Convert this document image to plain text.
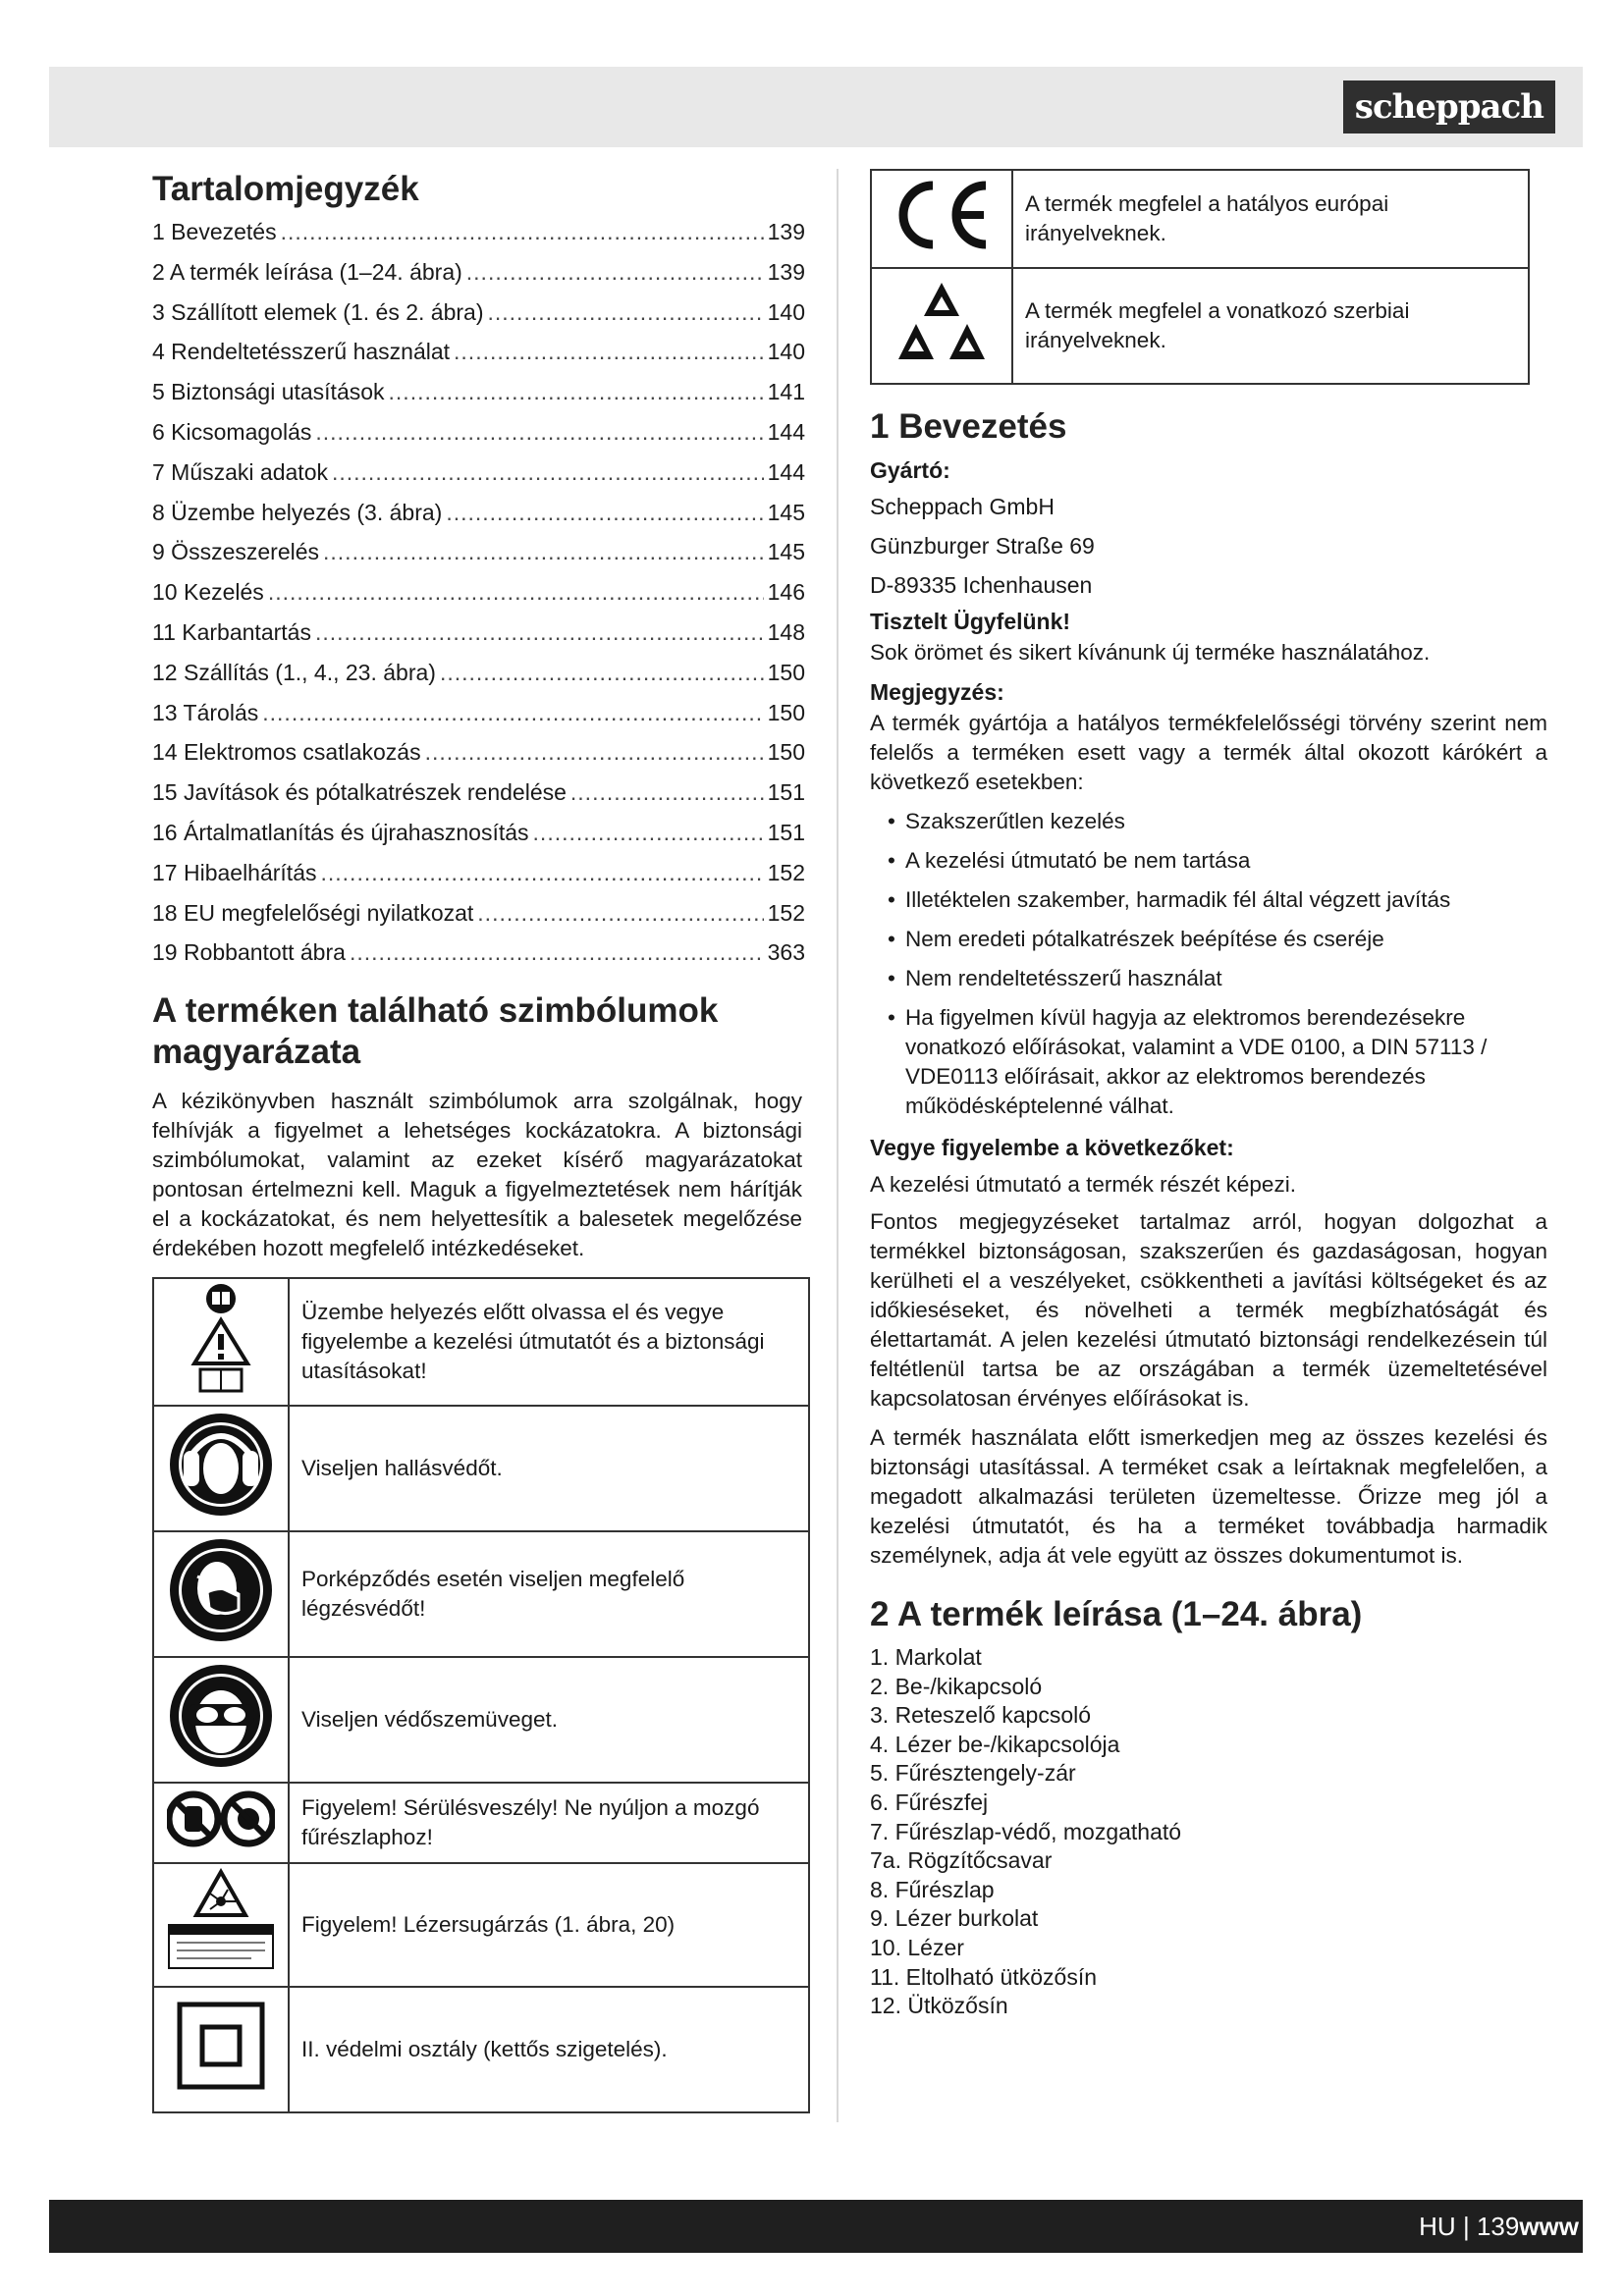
scheppach
Tartalomjegyzék
1 Bevezetés .....	139
2 A termék leírása (1–24. ábra) .....	139
3 Szállított elemek (1. és 2. ábra) .....	140
4 Rendeltetésszerű használat .....	140
5 Biztonsági utasítások .....	141
6 Kicsomagolás .....	144
7 Műszaki adatok .....	144
8 Üzembe helyezés (3. ábra) .....	145
9 Összeszerelés .....	145
10 Kezelés .....	146
11 Karbantartás .....	148
12 Szállítás (1., 4., 23. ábra) .....	150
13 Tárolás .....	150
14 Elektromos csatlakozás .....	150
15 Javítások és pótalkatrészek rendelése .....	151
16 Ártalmatlanítás és újrahasznosítás .....	151
17 Hibaelhárítás .....	152
18 EU megfelelőségi nyilatkozat .....	152
19 Robbantott ábra .....	363
A terméken található szimbólumok magyarázata

A kézikönyvben használt szimbólumok arra szolgálnak, hogy felhívják a figyelmet a lehetséges kockázatokra. A biztonsági szimbólumokat, valamint az ezeket kísérő magyarázatokat pontosan értelmezni kell. Maguk a figyelmeztetések nem hárítják el a kockázatokat, és nem helyettesítik a balesetek megelőzése érdekében hozott megfelelő intézkedéseket.

	Üzembe helyezés előtt olvassa el és vegye figyelembe a kezelési útmutatót és a biztonsági utasításokat!
	Viseljen hallásvédőt.
	Porképződés esetén viseljen megfelelő légzésvédőt!
	Viseljen védőszemüveget.
	Figyelem! Sérülésveszély! Ne nyúljon a mozgó fűrészlaphoz!
	Figyelem! Lézersugárzás (1. ábra, 20)
	II. védelmi osztály (kettős szigetelés).
	A termék megfelel a hatályos európai irányelveknek.
	A termék megfelel a vonatkozó szerbiai irányelveknek.
1 Bevezetés
Gyártó:
Scheppach GmbH
Günzburger Straße 69
D-89335 Ichenhausen
Tisztelt Ügyfelünk!

Sok örömet és sikert kívánunk új terméke használatához.

Megjegyzés:

A termék gyártója a hatályos termékfelelősségi törvény szerint nem felelős a terméken esett vagy a termék által okozott kárókért a következő esetekben:

• Szakszerűtlen kezelés
• A kezelési útmutató be nem tartása
• Illetéktelen szakember, harmadik fél által végzett javítás
• Nem eredeti pótalkatrészek beépítése és cseréje
• Nem rendeltetésszerű használat
• Ha figyelmen kívül hagyja az elektromos berendezésekre vonatkozó előírásokat, valamint a VDE 0100, a DIN 57113 / VDE0113 előírásait, akkor az elektromos berendezés működésképtelenné válhat.
Vegye figyelembe a következőket:

A kezelési útmutató a termék részét képezi.

Fontos megjegyzéseket tartalmaz arról, hogyan dolgozhat a termékkel biztonságosan, szakszerűen és gazdaságosan, hogyan kerülheti el a veszélyeket, csökkentheti a javítási költségeket és az időkieséseket, és növelheti a termék megbízhatóságát és élettartamát. A jelen kezelési útmutató biztonsági rendelkezésein túl feltétlenül tartsa be az országában a termék üzemeltetésével kapcsolatosan érvényes előírásokat is.

A termék használata előtt ismerkedjen meg az összes kezelési és biztonsági utasítással. A terméket csak a leírtaknak megfelelően, a megadott alkalmazási területen üzemeltesse. Őrizze meg jól a kezelési útmutatót, és ha a terméket továbbadja harmadik személynek, adja át vele együtt az összes dokumentumot is.

2 A termék leírása (1–24. ábra)
1. Markolat
2. Be-/kikapcsoló
3. Reteszelő kapcsoló
4. Lézer be-/kikapcsolója
5. Fűrésztengely-zár
6. Fűrészfej
7. Fűrészlap-védő, mozgatható
7a. Rögzítőcsavar
8. Fűrészlap
9. Lézer burkolat
10. Lézer
11. Eltolható ütközősín
12. Ütközősín
HU | 139www
